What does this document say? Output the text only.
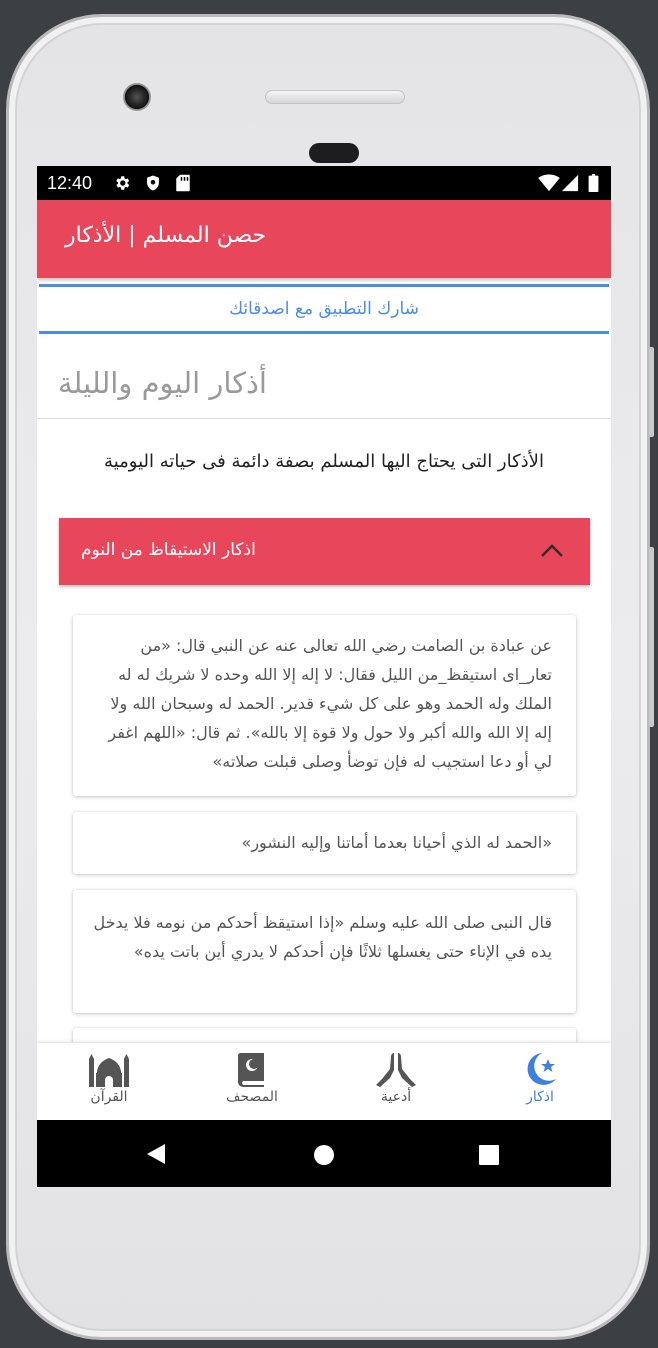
12:40
حصن المسلم | الأذكار
شارك التطبيق مع اصدقائك
أذكار اليوم والليلة
الأذكار التى يحتاج اليها المسلم بصفة دائمة فى حياته اليومية
اذكار الاستيقاظ من النوم
عن عبادة بن الصامت رضي الله تعالى عنه عن النبي قال: «من تعار_اى استيقظ_من الليل فقال: لا إله إلا الله وحده لا شريك له له الملك وله الحمد وهو على كل شيء قدير. الحمد له وسبحان الله ولا إله إلا الله والله أكبر ولا حول ولا قوة إلا بالله». ثم قال: «اللهم اغفر لي أو دعا استجيب له فإن توضأ وصلى قبلت صلاته»
«الحمد له الذي أحيانا بعدما أماتنا وإليه النشور»
قال النبى صلى الله عليه وسلم «إذا استيقظ أحدكم من نومه فلا يدخل يده في الإناء حتى يغسلها ثلاثًا فإن أحدكم لا يدري أين باتت يده»
القرآن	المصحف	أدعية	اذكار
